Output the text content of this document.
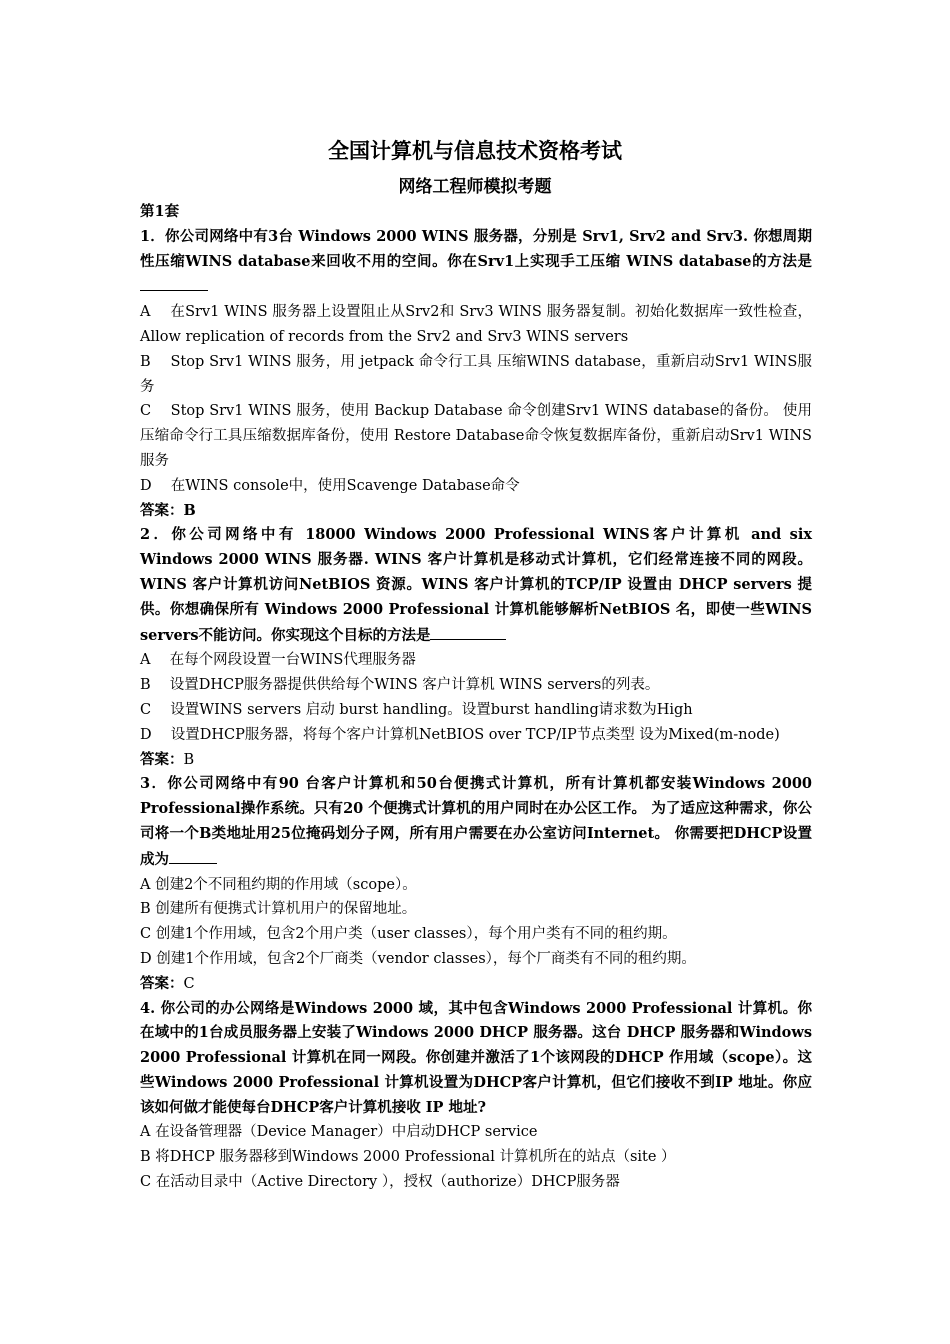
全国计算机与信息技术资格考试
网络工程师模拟考题
第1套
1．你公司网络中有3台 Windows 2000 WINS 服务器，分别是 Srv1, Srv2 and Srv3. 你想周期性压缩WINS database来回收不用的空间。你在Srv1上实现手工压缩 WINS database的方法是
A　 在Srv1 WINS 服务器上设置阻止从Srv2和 Srv3 WINS 服务器复制。初始化数据库一致性检查，Allow replication of records from the Srv2 and Srv3 WINS servers
B　 Stop Srv1 WINS 服务，用 jetpack 命令行工具 压缩WINS database，重新启动Srv1 WINS服务
C　 Stop Srv1 WINS 服务，使用 Backup Database 命令创建Srv1 WINS database的备份。 使用压缩命令行工具压缩数据库备份，使用 Restore Database命令恢复数据库备份，重新启动Srv1 WINS服务
D　 在WINS console中，使用Scavenge Database命令
答案：B
2．你公司网络中有 18000 Windows 2000 Professional WINS客户计算机 and six Windows 2000 WINS 服务器. WINS 客户计算机是移动式计算机，它们经常连接不同的网段。WINS 客户计算机访问NetBIOS 资源。WINS 客户计算机的TCP/IP 设置由 DHCP servers 提供。你想确保所有 Windows 2000 Professional 计算机能够解析NetBIOS 名，即使一些WINS servers不能访问。你实现这个目标的方法是
A　 在每个网段设置一台WINS代理服务器
B　 设置DHCP服务器提供供给每个WINS 客户计算机 WINS servers的列表。
C　 设置WINS servers 启动 burst handling。设置burst handling请求数为High
D　 设置DHCP服务器，将每个客户计算机NetBIOS over TCP/IP节点类型 设为Mixed(m-node)
答案：B
3．你公司网络中有90 台客户计算机和50台便携式计算机，所有计算机都安装Windows 2000 Professional操作系统。只有20 个便携式计算机的用户同时在办公区工作。 为了适应这种需求，你公司将一个B类地址用25位掩码划分子网，所有用户需要在办公室访问Internet。 你需要把DHCP设置成为
A 创建2个不同租约期的作用域（scope）。
B 创建所有便携式计算机用户的保留地址。
C 创建1个作用域，包含2个用户类（user classes），每个用户类有不同的租约期。
D 创建1个作用域，包含2个厂商类（vendor classes），每个厂商类有不同的租约期。
答案：C
4. 你公司的办公网络是Windows 2000 域，其中包含Windows 2000 Professional 计算机。你在域中的1台成员服务器上安装了Windows 2000 DHCP 服务器。这台 DHCP 服务器和Windows 2000 Professional 计算机在同一网段。你创建并激活了1个该网段的DHCP 作用域（scope）。这些Windows 2000 Professional 计算机设置为DHCP客户计算机，但它们接收不到IP 地址。你应该如何做才能使每台DHCP客户计算机接收 IP 地址?
A 在设备管理器（Device Manager）中启动DHCP service
B 将DHCP 服务器移到Windows 2000 Professional 计算机所在的站点（site ）
C 在活动目录中（Active Directory ），授权（authorize）DHCP服务器
